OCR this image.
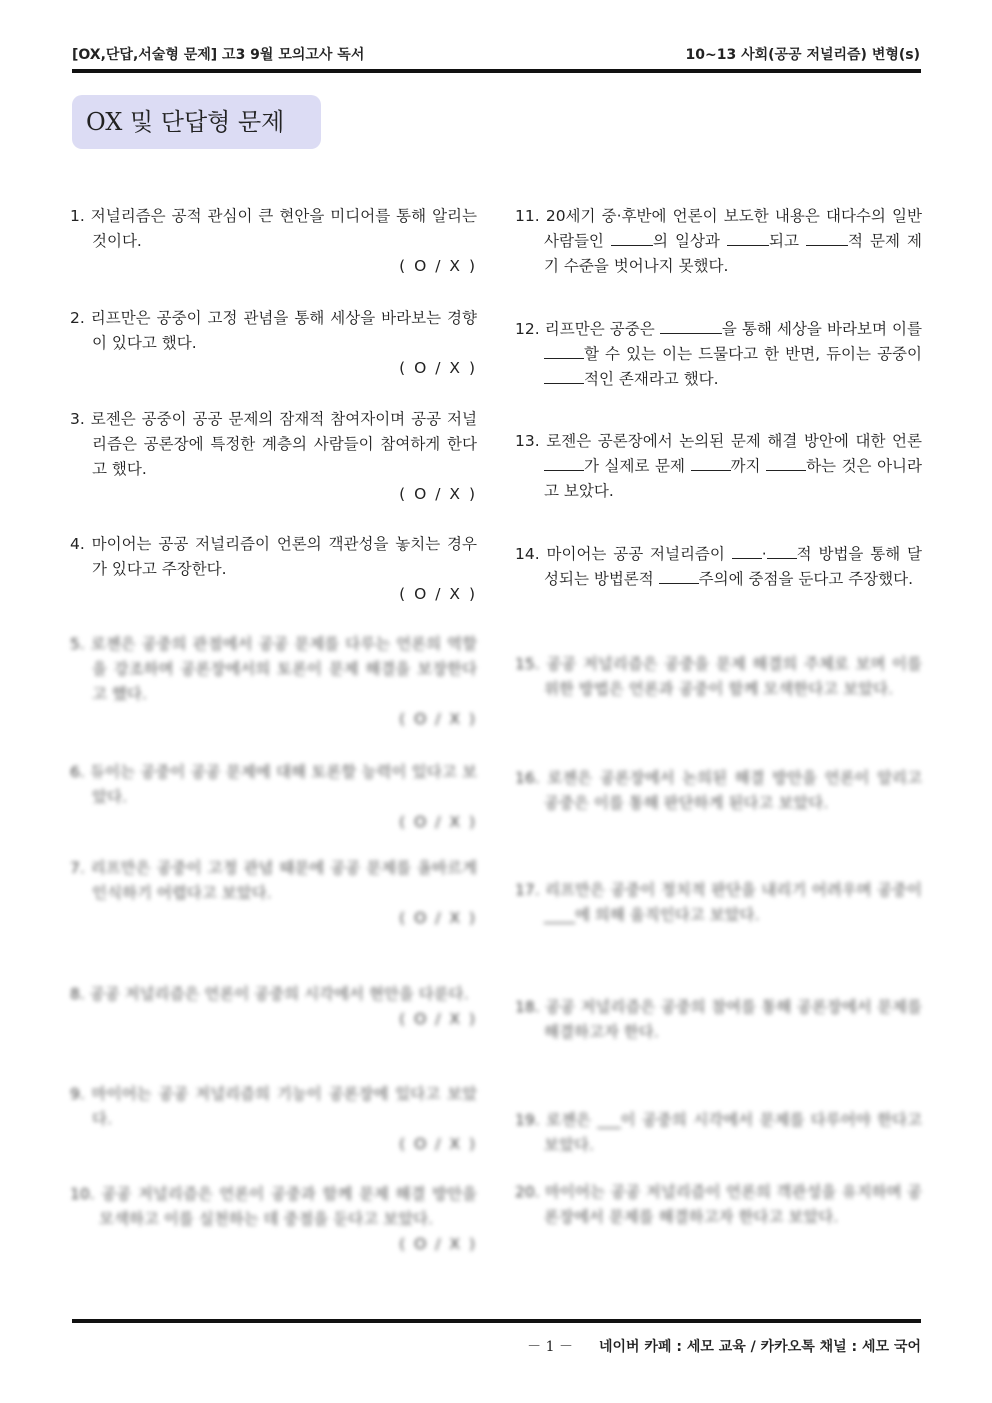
[OX,단답,서술형 문제] 고3 9월 모의고사 독서	10~13 사회(공공 저널리즘) 변형(s)
OX 및 단답형 문제
1. 저널리즘은 공적 관심이 큰 현안을 미디어를 통해 알리는 것이다.
( O / X )
2. 리프만은 공중이 고정 관념을 통해 세상을 바라보는 경향이 있다고 했다.
( O / X )
3. 로젠은 공중이 공공 문제의 잠재적 참여자이며 공공 저널리즘은 공론장에 특정한 계층의 사람들이 참여하게 한다고 했다.
( O / X )
4. 마이어는 공공 저널리즘이 언론의 객관성을 놓치는 경우가 있다고 주장한다.
( O / X )
5. 로젠은 공중의 관점에서 공공 문제를 다루는 언론의 역할을 강조하며 공론장에서의 토론이 문제 해결을 보장한다고 했다.
( O / X )
6. 듀이는 공중이 공공 문제에 대해 토론할 능력이 있다고 보았다.
( O / X )
7. 리프만은 공중이 고정 관념 때문에 공공 문제를 올바르게 인식하기 어렵다고 보았다.
( O / X )
8. 공공 저널리즘은 언론이 공중의 시각에서 현안을 다룬다.
( O / X )
9. 마이어는 공공 저널리즘의 기능이 공론장에 있다고 보았다.
( O / X )
10. 공공 저널리즘은 언론이 공중과 함께 문제 해결 방안을 모색하고 이를 실천하는 데 중점을 둔다고 보았다.
( O / X )
11. 20세기 중·후반에 언론이 보도한 내용은 대다수의 일반 사람들인	의 일상과	되고	적 문제 제기 수준을 벗어나지 못했다.
12. 리프만은 공중은	을 통해 세상을 바라보며 이를 할 수 있는 이는 드물다고 한 반면, 듀이는 공중이 적인 존재라고 했다.
13. 로젠은 공론장에서 논의된 문제 해결 방안에 대한 언론 가 실제로 문제	까지	하는 것은 아니라고 보았다.
14. 마이어는 공공 저널리즘이 · 적 방법을 통해 달성되는 방법론적	주의에 중점을 둔다고 주장했다.
15. 공공 저널리즘은 공중을 문제 해결의 주체로 보며 이를 위한 방법은 언론과 공중이 함께 모색한다고 보았다.
16. 로젠은 공론장에서 논의된 해결 방안을 언론이 알리고 공중은 이를 통해 판단하게 된다고 보았다.
17. 리프만은 공중이 정치적 판단을 내리기 어려우며 공중이 ____에 의해 움직인다고 보았다.
18. 공공 저널리즘은 공중의 참여를 통해 공론장에서 문제를 해결하고자 한다.
19. 로젠은 ___이 공중의 시각에서 문제를 다루어야 한다고 보았다.
20. 마이어는 공공 저널리즘이 언론의 객관성을 유지하며 공론장에서 문제를 해결하고자 한다고 보았다.
－ 1 － 네이버 카페 : 세모 교육 / 카카오톡 채널 : 세모 국어
